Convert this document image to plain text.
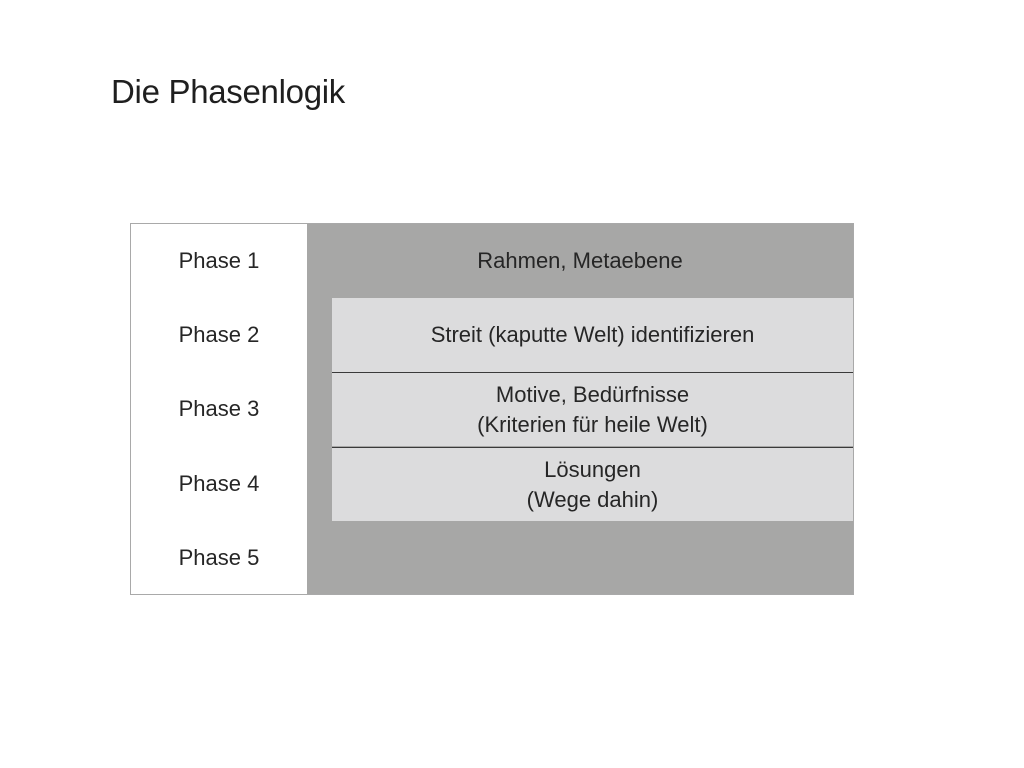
Die Phasenlogik
Phase 1
Phase 2
Phase 3
Phase 4
Phase 5
Rahmen, Metaebene
Streit (kaputte Welt) identifizieren
Motive, Bedürfnisse
(Kriterien für heile Welt)
Lösungen
(Wege dahin)
